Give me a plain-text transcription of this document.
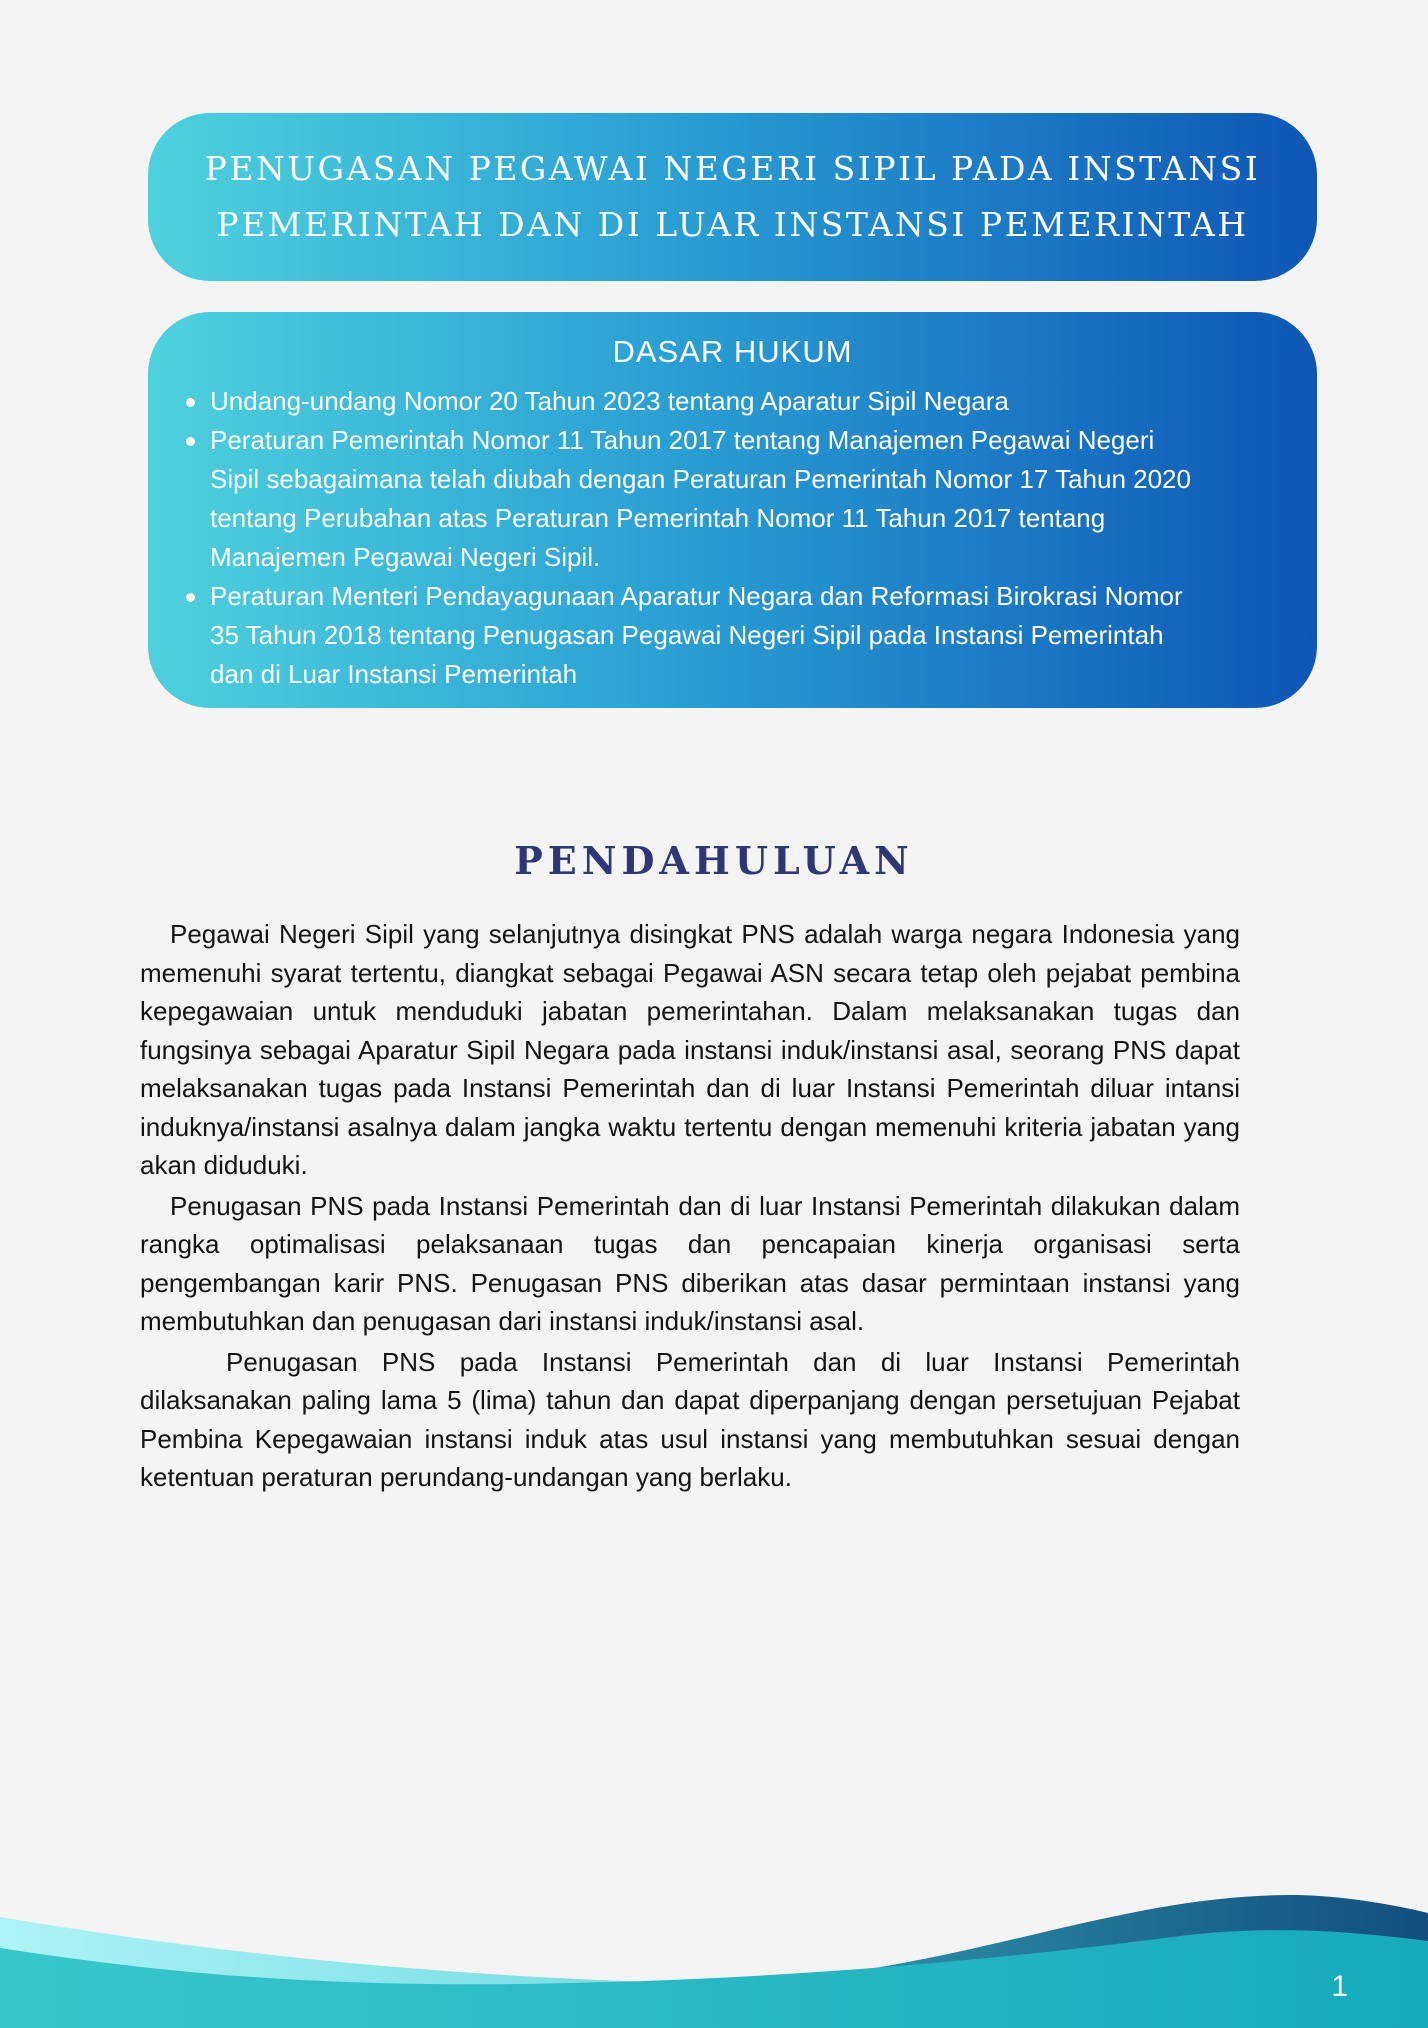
PENUGASAN PEGAWAI NEGERI SIPIL PADA INSTANSI
PEMERINTAH DAN DI LUAR INSTANSI PEMERINTAH
DASAR HUKUM
Undang-undang Nomor 20 Tahun 2023 tentang Aparatur Sipil Negara
Peraturan Pemerintah Nomor 11 Tahun 2017 tentang Manajemen Pegawai Negeri Sipil sebagaimana telah diubah dengan Peraturan Pemerintah Nomor 17 Tahun 2020 tentang Perubahan atas Peraturan Pemerintah Nomor 11 Tahun 2017 tentang Manajemen Pegawai Negeri Sipil.
Peraturan Menteri Pendayagunaan Aparatur Negara dan Reformasi Birokrasi Nomor 35 Tahun 2018 tentang Penugasan Pegawai Negeri Sipil pada Instansi Pemerintah dan di Luar Instansi Pemerintah
PENDAHULUAN

Pegawai Negeri Sipil yang selanjutnya disingkat PNS adalah warga negara Indonesia yang memenuhi syarat tertentu, diangkat sebagai Pegawai ASN secara tetap oleh pejabat pembina kepegawaian untuk menduduki jabatan pemerintahan. Dalam melaksanakan tugas dan fungsinya sebagai Aparatur Sipil Negara pada instansi induk/instansi asal, seorang PNS dapat melaksanakan tugas pada Instansi Pemerintah dan di luar Instansi Pemerintah diluar intansi induknya/instansi asalnya dalam jangka waktu tertentu dengan memenuhi kriteria jabatan yang akan diduduki.

Penugasan PNS pada Instansi Pemerintah dan di luar Instansi Pemerintah dilakukan dalam rangka optimalisasi pelaksanaan tugas dan pencapaian kinerja organisasi serta pengembangan karir PNS. Penugasan PNS diberikan atas dasar permintaan instansi yang membutuhkan dan penugasan dari instansi induk/instansi asal.

Penugasan PNS pada Instansi Pemerintah dan di luar Instansi Pemerintah dilaksanakan paling lama 5 (lima) tahun dan dapat diperpanjang dengan persetujuan Pejabat Pembina Kepegawaian instansi induk atas usul instansi yang membutuhkan sesuai dengan ketentuan peraturan perundang-undangan yang berlaku.

1
